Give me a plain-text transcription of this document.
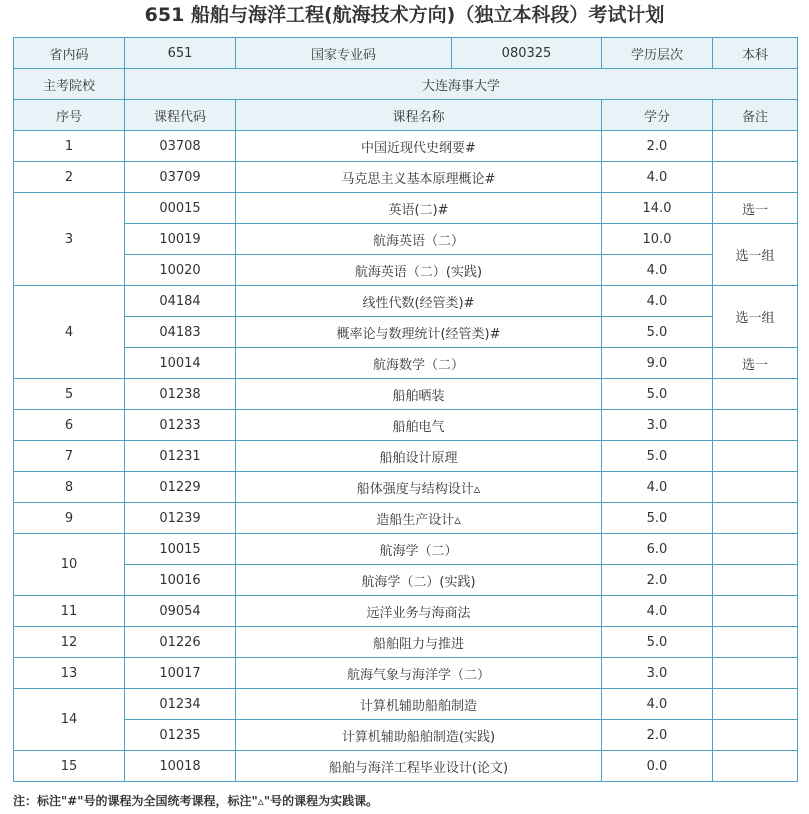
651 船舶与海洋工程(航海技术方向)（独立本科段）考试计划
省内码	651	国家专业码	080325	学历层次	本科
主考院校	大连海事大学				
序号	课程代码	课程名称		学分	备注
1	03708	中国近现代史纲要#		2.0	
2	03709	马克思主义基本原理概论#		4.0	
3	00015	英语(二)#		14.0	选一
	10019	航海英语（二）		10.0	选一组
	10020	航海英语（二）(实践)		4.0	
4	04184	线性代数(经管类)#		4.0	选一组
	04183	概率论与数理统计(经管类)#		5.0	
	10014	航海数学（二）		9.0	选一
5	01238	船舶晒装		5.0	
6	01233	船舶电气		3.0	
7	01231	船舶设计原理		5.0	
8	01229	船体强度与结构设计▵		4.0	
9	01239	造船生产设计▵		5.0	
10	10015	航海学（二）		6.0	
	10016	航海学（二）(实践)		2.0	
11	09054	远洋业务与海商法		4.0	
12	01226	船舶阻力与推进		5.0	
13	10017	航海气象与海洋学（二）		3.0	
14	01234	计算机辅助船舶制造		4.0	
	01235	计算机辅助船舶制造(实践)		2.0	
15	10018	船舶与海洋工程毕业设计(论文)		0.0	
注：标注"#"号的课程为全国统考课程，标注"▵"号的课程为实践课。
